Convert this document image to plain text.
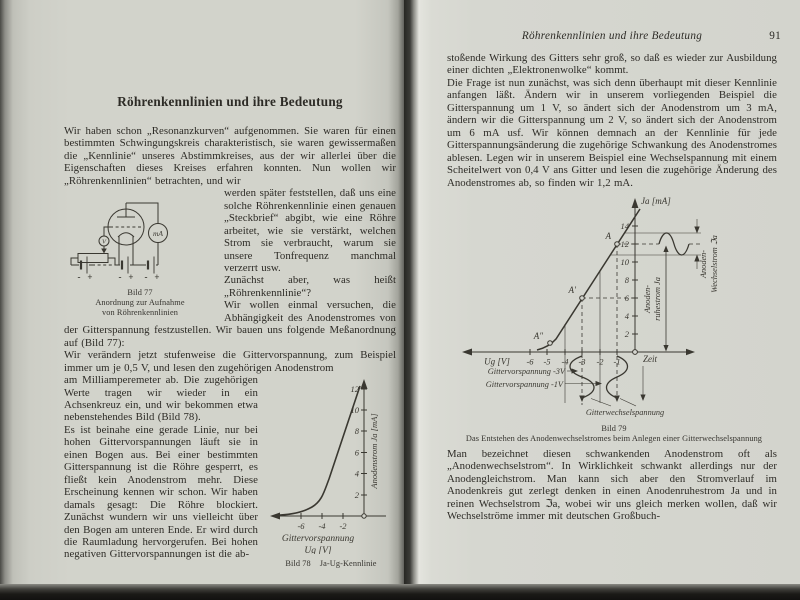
Röhrenkennlinien und ihre Bedeutung

Wir haben schon „Resonanzkurven“ aufgenommen. Sie waren für einen bestimmten Schwingungskreis charakteristisch, sie waren gewissermaßen die „Kennlinie“ unseres Abstimmkreises, aus der wir allerlei über die Eigenschaften dieses Kreises erfahren konnten. Nun wollen wir „Röhrenkennlinien“ betrachten, und wir

mA
V
- +	- + - +
Bild 77
Anordnung zur Aufnahme
von Röhrenkennlinien

werden später feststellen, daß uns eine solche Röhrenkennlinie einen genauen „Steckbrief“ abgibt, wie eine Röhre arbeitet, wie sie verstärkt, welchen Strom sie verbraucht, warum sie unsere Tonfrequenz manchmal verzerrt usw.

Zunächst aber, was heißt „Röhrenkennlinie“?

Wir wollen einmal versuchen, die Abhängigkeit des Anodenstromes von der Gitterspannung festzustellen. Wir bauen uns folgende Meßanordnung auf (Bild 77):

Wir verändern jetzt stufenweise die Gittervorspannung, zum Beispiel immer um je 0,5 V, und lesen den zugehörigen Anodenstrom

2
4
6
8
10
12
-6 -4 -2
Anodenstrom Ja [mA]
Gittervorspannung
Ug [V]
Bild 78 Ja-Ug-Kennlinie

am Milliamperemeter ab. Die zugehörigen Werte tragen wir wieder in ein Achsenkreuz ein, und wir bekommen etwa nebenstehendes Bild (Bild 78).

Es ist beinahe eine gerade Linie, nur bei hohen Gittervorspannungen läuft sie in einen Bogen aus. Bei einer bestimmten Gitterspannung ist die Röhre gesperrt, es fließt kein Anodenstrom mehr. Diese Erscheinung kennen wir schon. Wir haben damals gesagt: Die Röhre blockiert. Zunächst wundern wir uns vielleicht über den Bogen am unteren Ende. Er wird durch die Raumladung hervorgerufen. Bei hohen negativen Gittervorspannungen ist die ab-

Röhrenkennlinien und ihre Bedeutung	91

stoßende Wirkung des Gitters sehr groß, so daß es wieder zur Ausbildung einer dichten „Elektronenwolke“ kommt.

Die Frage ist nun zunächst, was sich denn überhaupt mit dieser Kennlinie anfangen läßt. Ändern wir in unserem vorliegenden Beispiel die Gitterspannung um 1 V, so ändert sich der Anodenstrom um 3 mA, ändern wir die Gitterspannung um 2 V, so ändert sich der Anodenstrom um 6 mA usf. Wir können demnach an der Kennlinie für jede Gitterspannungsänderung die zugehörige Schwankung des Anodenstromes ablesen. Legen wir in unserem Beispiel eine Wechselspannung mit einem Scheitelwert von 0,4 V ans Gitter und lesen die zugehörige Änderung des Anodenstromes ab, so finden wir 1,2 mA.

Ja [mA]
2
4
6
8
10
12
14
-6 -5 -4 -3 -2 -1
Ug [V]	Zeit
A
A′
A″
Anoden- ruhestrom Ja
Anoden- Wechselstrom ℑa
Gittervorspannung -3V
Gittervorspannung -1V
Gitterwechselspannung
Bild 79
Das Entstehen des Anodenwechselstromes beim Anlegen einer Gitterwechselspannung

Man bezeichnet diesen schwankenden Anodenstrom oft als „Anodenwechselstrom“. In Wirklichkeit schwankt allerdings nur der Anodengleichstrom. Man kann sich aber den Stromverlauf im Anodenkreis gut zerlegt denken in einen Anodenruhestrom Ja und in reinen Wechselstrom ℑa, wobei wir uns gleich merken wollen, daß wir Wechselströme immer mit deutschen Großbuch-
